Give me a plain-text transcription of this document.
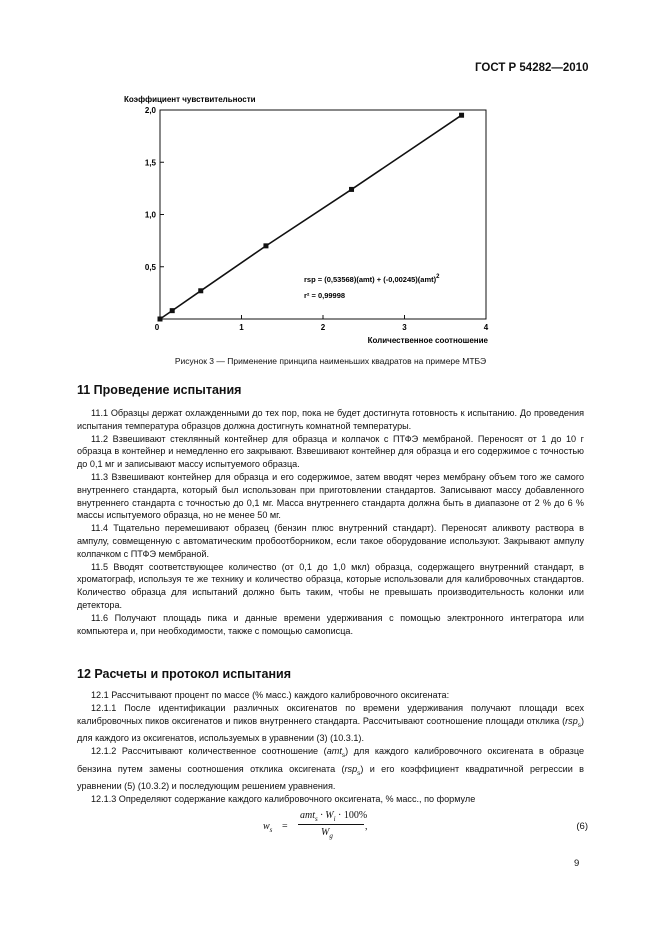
ГОСТ Р 54282—2010
Коэффициент чувствительности
0,5
1,0
1,5
2,0
0	1	2	3	4
rsp = (0,53568)(amt) + (-0,00245)(amt)$^2$
r² = 0,99998
Количественное соотношение
Рисунок 3 — Применение принципа наименьших квадратов на примере МТБЭ
11 Проведение испытания

11.1 Образцы держат охлажденными до тех пор, пока не будет достигнута готовность к испытанию. До проведения испытания температура образцов должна достигнуть комнатной температуры.

11.2 Взвешивают стеклянный контейнер для образца и колпачок с ПТФЭ мембраной. Переносят от 1 до 10 г образца в контейнер и немедленно его закрывают. Взвешивают контейнер для образца и его содержимое с точностью до 0,1 мг и записывают массу испытуемого образца.

11.3 Взвешивают контейнер для образца и его содержимое, затем вводят через мембрану объем того же самого внутреннего стандарта, который был использован при приготовлении стандартов. Записывают массу добавленного внутреннего стандарта с точностью до 0,1 мг. Масса внутреннего стандарта должна быть в диапазоне от 2 % до 6 % массы испытуемого образца, но не менее 50 мг.

11.4 Тщательно перемешивают образец (бензин плюс внутренний стандарт). Переносят аликвоту раствора в ампулу, совмещенную с автоматическим пробоотборником, если такое оборудование используют. Закрывают ампулу колпачком с ПТФЭ мембраной.

11.5 Вводят соответствующее количество (от 0,1 до 1,0 мкл) образца, содержащего внутренний стандарт, в хроматограф, используя те же технику и количество образца, которые использовали для калибровочных стандартов. Количество образца для испытаний должно быть таким, чтобы не превышать производительность колонки или детектора.

11.6 Получают площадь пика и данные времени удерживания с помощью электронного интегратора или компьютера и, при необходимости, также с помощью самописца.

12 Расчеты и протокол испытания

12.1 Рассчитывают процент по массе (% масс.) каждого калибровочного оксигената:

12.1.1 После идентификации различных оксигенатов по времени удерживания получают площади всех калибровочных пиков оксигенатов и пиков внутреннего стандарта. Рассчитывают соотношение площади отклика (rsp$_s$) для каждого из оксигенатов, используемых в уравнении (3) (10.3.1).

12.1.2 Рассчитывают количественное соотношение (amt$_s$) для каждого калибровочного оксигената в образце бензина путем замены соотношения отклика оксигената (rsp$_s$) и его коэффициент квадратичной регрессии в уравнении (5) (10.3.2) и последующим решением уравнения.

12.1.3 Определяют содержание каждого калибровочного оксигената, % масс., по формуле

$w_s$ =
$amt_s \cdot W_i \cdot 100\%$
$W_g$
,	(6)
9
